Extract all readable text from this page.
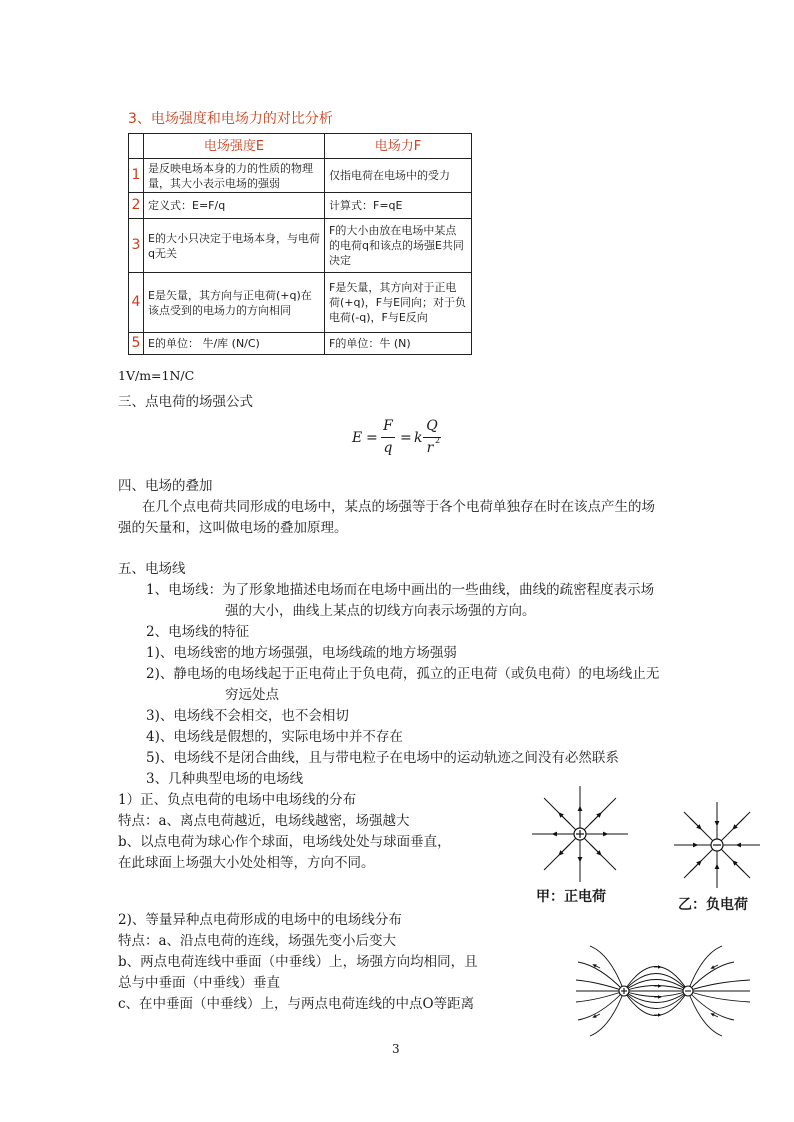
3、电场强度和电场力的对比分析
	电场强度E	电场力F
1	是反映电场本身的力的性质的物理量，其大小表示电场的强弱	仅指电荷在电场中的受力
2	定义式：E=F/q	计算式：F=qE
3	E的大小只决定于电场本身，与电荷q无关	F的大小由放在电场中某点的电荷q和该点的场强E共同决定
4	E是矢量，其方向与正电荷(+q)在该点受到的电场力的方向相同	F是矢量，其方向对于正电荷(+q)，F与E同向；对于负电荷(-q)，F与E反向
5	E的单位： 牛/库 (N/C)	F的单位：牛 (N)
1V/m=1N/C
三、点电荷的场强公式
E =
F
q
= k
Q
r 2
四、电场的叠加
在几个点电荷共同形成的电场中，某点的场强等于各个电荷单独存在时在该点产生的场
强的矢量和，这叫做电场的叠加原理。
五、电场线
1、电场线：为了形象地描述电场而在电场中画出的一些曲线，曲线的疏密程度表示场
强的大小，曲线上某点的切线方向表示场强的方向。
2、电场线的特征
1)、电场线密的地方场强强，电场线疏的地方场强弱
2)、静电场的电场线起于正电荷止于负电荷，孤立的正电荷（或负电荷）的电场线止无
穷远处点
3)、电场线不会相交，也不会相切
4)、电场线是假想的，实际电场中并不存在
5)、电场线不是闭合曲线，且与带电粒子在电场中的运动轨迹之间没有必然联系
3、几种典型电场的电场线
1）正、负点电荷的电场中电场线的分布
特点：a、离点电荷越近，电场线越密，场强越大
b、以点电荷为球心作个球面，电场线处处与球面垂直，
在此球面上场强大小处处相等，方向不同。
甲：正电荷	乙：负电荷
2)、等量异种点电荷形成的电场中的电场线分布
特点：a、沿点电荷的连线，场强先变小后变大
b、两点电荷连线中垂面（中垂线）上，场强方向均相同，且
总与中垂面（中垂线）垂直
c、在中垂面（中垂线）上，与两点电荷连线的中点O等距离
3
